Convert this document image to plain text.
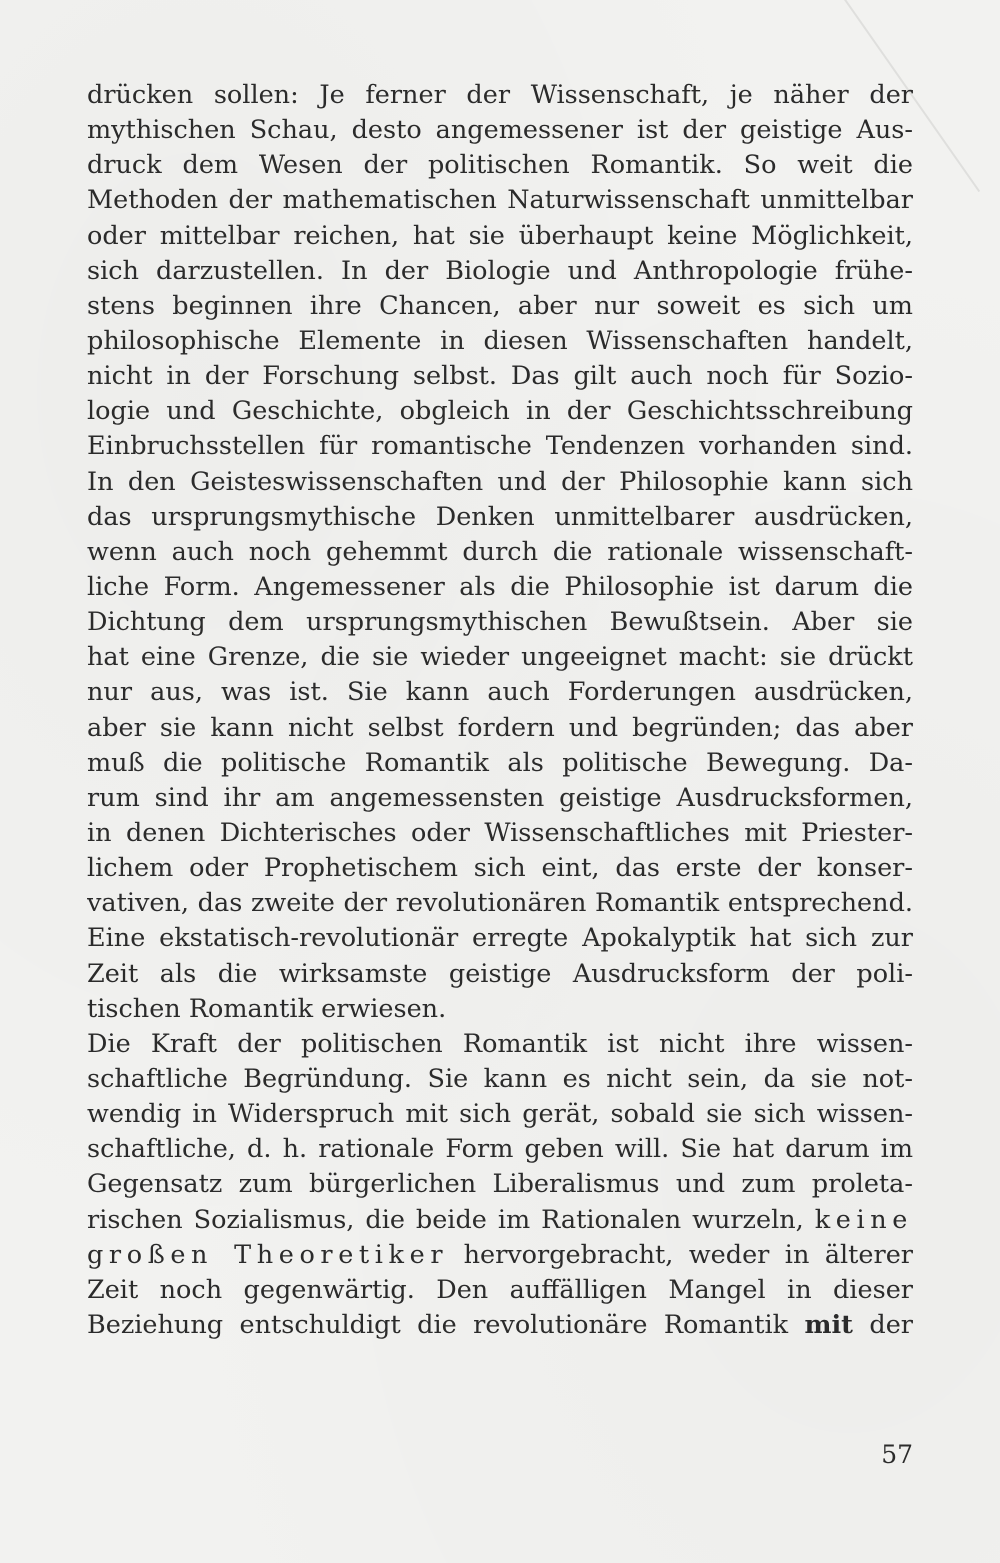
drücken sollen: Je ferner der Wissenschaft, je näher der
mythischen Schau, desto angemessener ist der geistige Aus-
druck dem Wesen der politischen Romantik. So weit die
Methoden der mathematischen Naturwissenschaft unmittelbar
oder mittelbar reichen, hat sie überhaupt keine Möglichkeit,
sich darzustellen. In der Biologie und Anthropologie frühe-
stens beginnen ihre Chancen, aber nur soweit es sich um
philosophische Elemente in diesen Wissenschaften handelt,
nicht in der Forschung selbst. Das gilt auch noch für Sozio-
logie und Geschichte, obgleich in der Geschichtsschreibung
Einbruchsstellen für romantische Tendenzen vorhanden sind.
In den Geisteswissenschaften und der Philosophie kann sich
das ursprungsmythische Denken unmittelbarer ausdrücken,
wenn auch noch gehemmt durch die rationale wissenschaft-
liche Form. Angemessener als die Philosophie ist darum die
Dichtung dem ursprungsmythischen Bewußtsein. Aber sie
hat eine Grenze, die sie wieder ungeeignet macht: sie drückt
nur aus, was ist. Sie kann auch Forderungen ausdrücken,
aber sie kann nicht selbst fordern und begründen; das aber
muß die politische Romantik als politische Bewegung. Da-
rum sind ihr am angemessensten geistige Ausdrucksformen,
in denen Dichterisches oder Wissenschaftliches mit Priester-
lichem oder Prophetischem sich eint, das erste der konser-
vativen, das zweite der revolutionären Romantik entsprechend.
Eine ekstatisch-revolutionär erregte Apokalyptik hat sich zur
Zeit als die wirksamste geistige Ausdrucksform der poli-
tischen Romantik erwiesen.
Die Kraft der politischen Romantik ist nicht ihre wissen-
schaftliche Begründung. Sie kann es nicht sein, da sie not-
wendig in Widerspruch mit sich gerät, sobald sie sich wissen-
schaftliche, d. h. rationale Form geben will. Sie hat darum im
Gegensatz zum bürgerlichen Liberalismus und zum proleta-
rischen Sozialismus, die beide im Rationalen wurzeln, keine
großen Theoretiker hervorgebracht, weder in älterer
Zeit noch gegenwärtig. Den auffälligen Mangel in dieser
Beziehung entschuldigt die revolutionäre Romantik mit der
57
